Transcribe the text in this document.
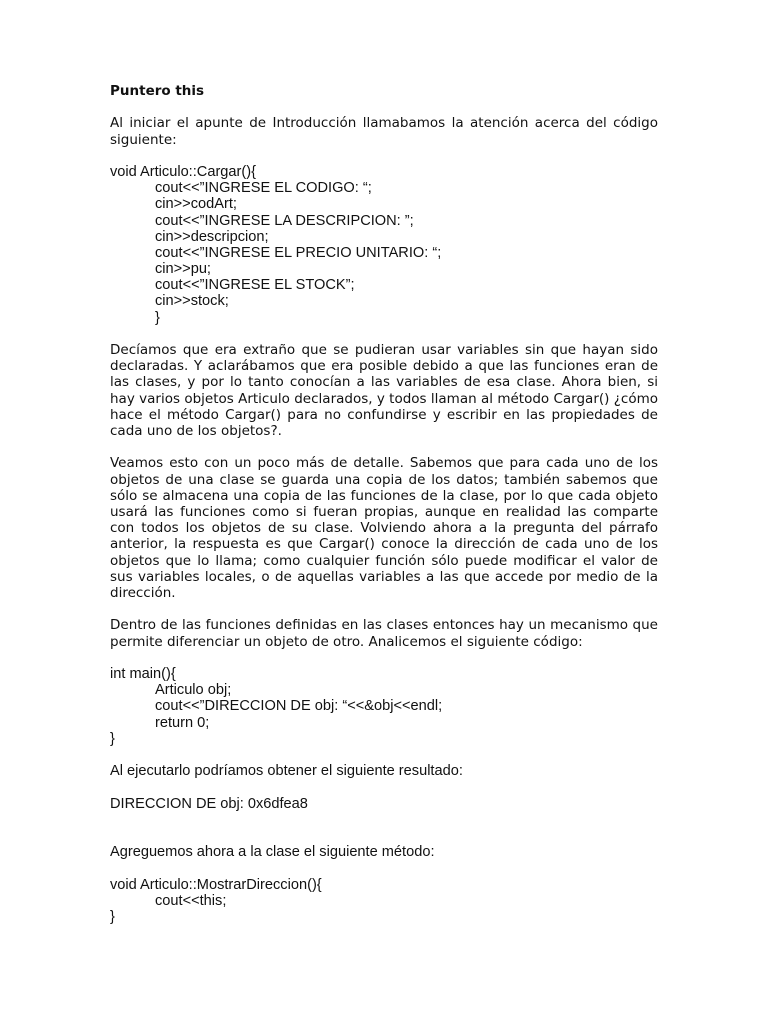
Puntero this
Al iniciar el apunte de Introducción llamabamos la atención acerca del código siguiente:
void Articulo::Cargar(){
cout<<”INGRESE EL CODIGO: “;
cin>>codArt;
cout<<”INGRESE LA DESCRIPCION: ”;
cin>>descripcion;
cout<<”INGRESE EL PRECIO UNITARIO: “;
cin>>pu;
cout<<”INGRESE EL STOCK”;
cin>>stock;
}
Decíamos que era extraño que se pudieran usar variables sin que hayan sido declaradas. Y aclarábamos que era posible debido a que las funciones eran de las clases, y por lo tanto conocían a las variables de esa clase. Ahora bien, si hay varios objetos Articulo declarados, y todos llaman al método Cargar() ¿cómo hace el método Cargar() para no confundirse y escribir en las propiedades de cada uno de los objetos?.
Veamos esto con un poco más de detalle. Sabemos que para cada uno de los objetos de una clase se guarda una copia de los datos; también sabemos que sólo se almacena una copia de las funciones de la clase, por lo que cada objeto usará las funciones como si fueran propias, aunque en realidad las comparte con todos los objetos de su clase. Volviendo ahora a la pregunta del párrafo anterior, la respuesta es que Cargar() conoce la dirección de cada uno de los objetos que lo llama; como cualquier función sólo puede modificar el valor de sus variables locales, o de aquellas variables a las que accede por medio de la dirección.
Dentro de las funciones definidas en las clases entonces hay un mecanismo que permite diferenciar un objeto de otro. Analicemos el siguiente código:
int main(){
Articulo obj;
cout<<”DIRECCION DE obj: “<<&obj<<endl;
return 0;
}
Al ejecutarlo podríamos obtener el siguiente resultado:
DIRECCION DE obj: 0x6dfea8
Agreguemos ahora a la clase el siguiente método:
void Articulo::MostrarDireccion(){
cout<<this;
}
